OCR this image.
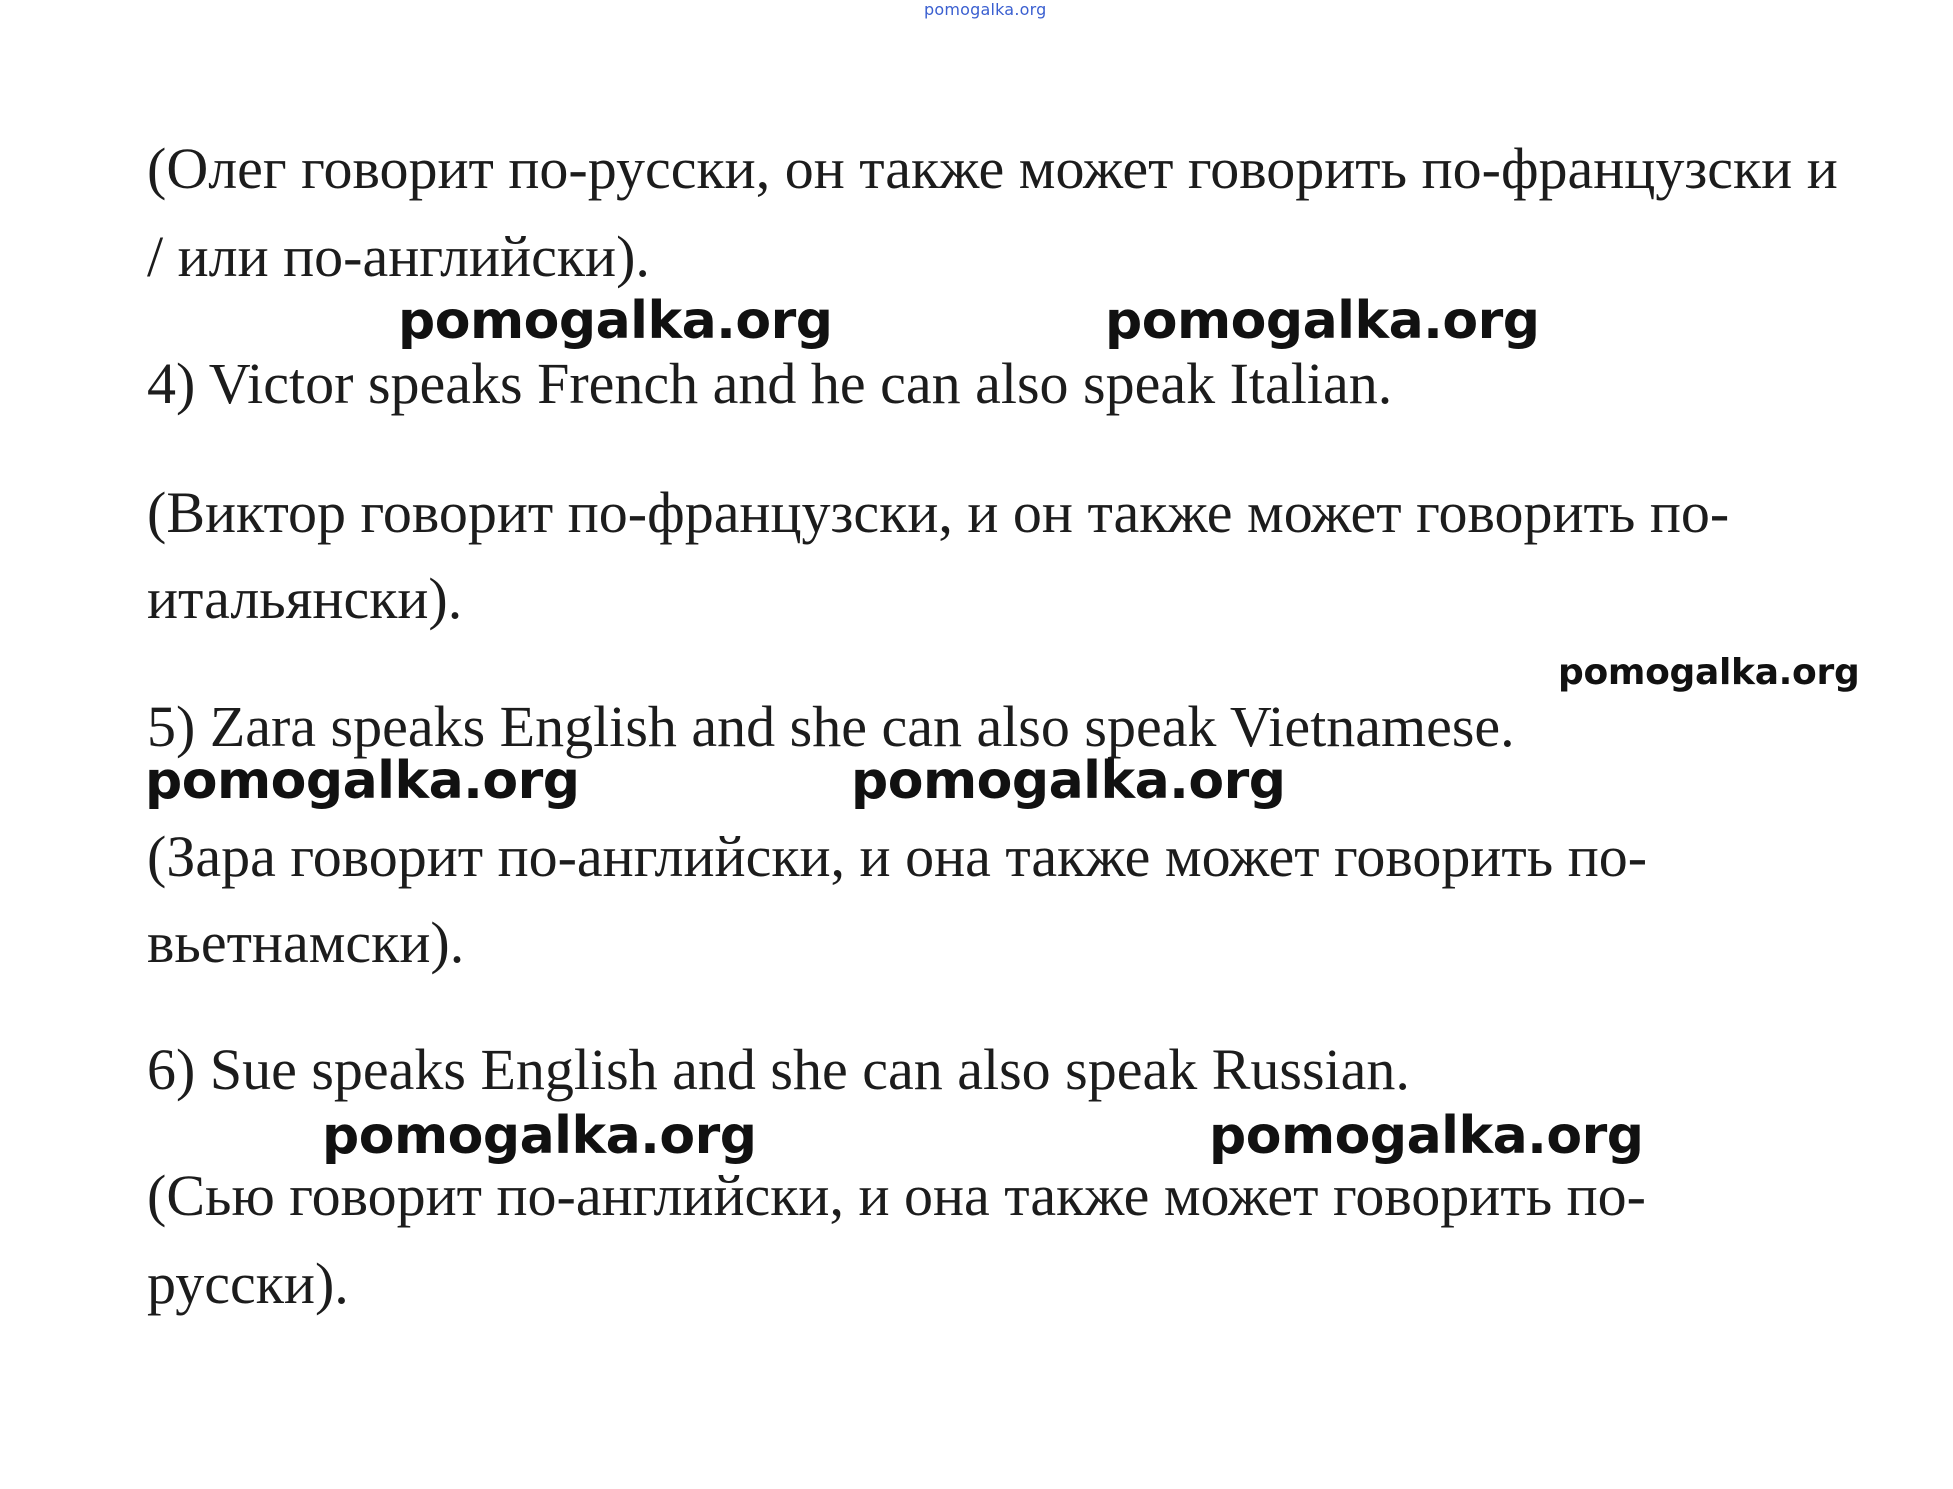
pomogalka.org
(Олег говорит по-русски, он также может говорить по-французски и
/ или по-английски).
pomogalka.org	pomogalka.org
4) Victor speaks French and he can also speak Italian.
(Виктор говорит по-французски, и он также может говорить по-
итальянски).
pomogalka.org
5) Zara speaks English and she can also speak Vietnamese.
pomogalka.org	pomogalka.org
(Зара говорит по-английски, и она также может говорить по-
вьетнамски).
6) Sue speaks English and she can also speak Russian.
pomogalka.org	pomogalka.org
(Сью говорит по-английски, и она также может говорить по-
русски).
